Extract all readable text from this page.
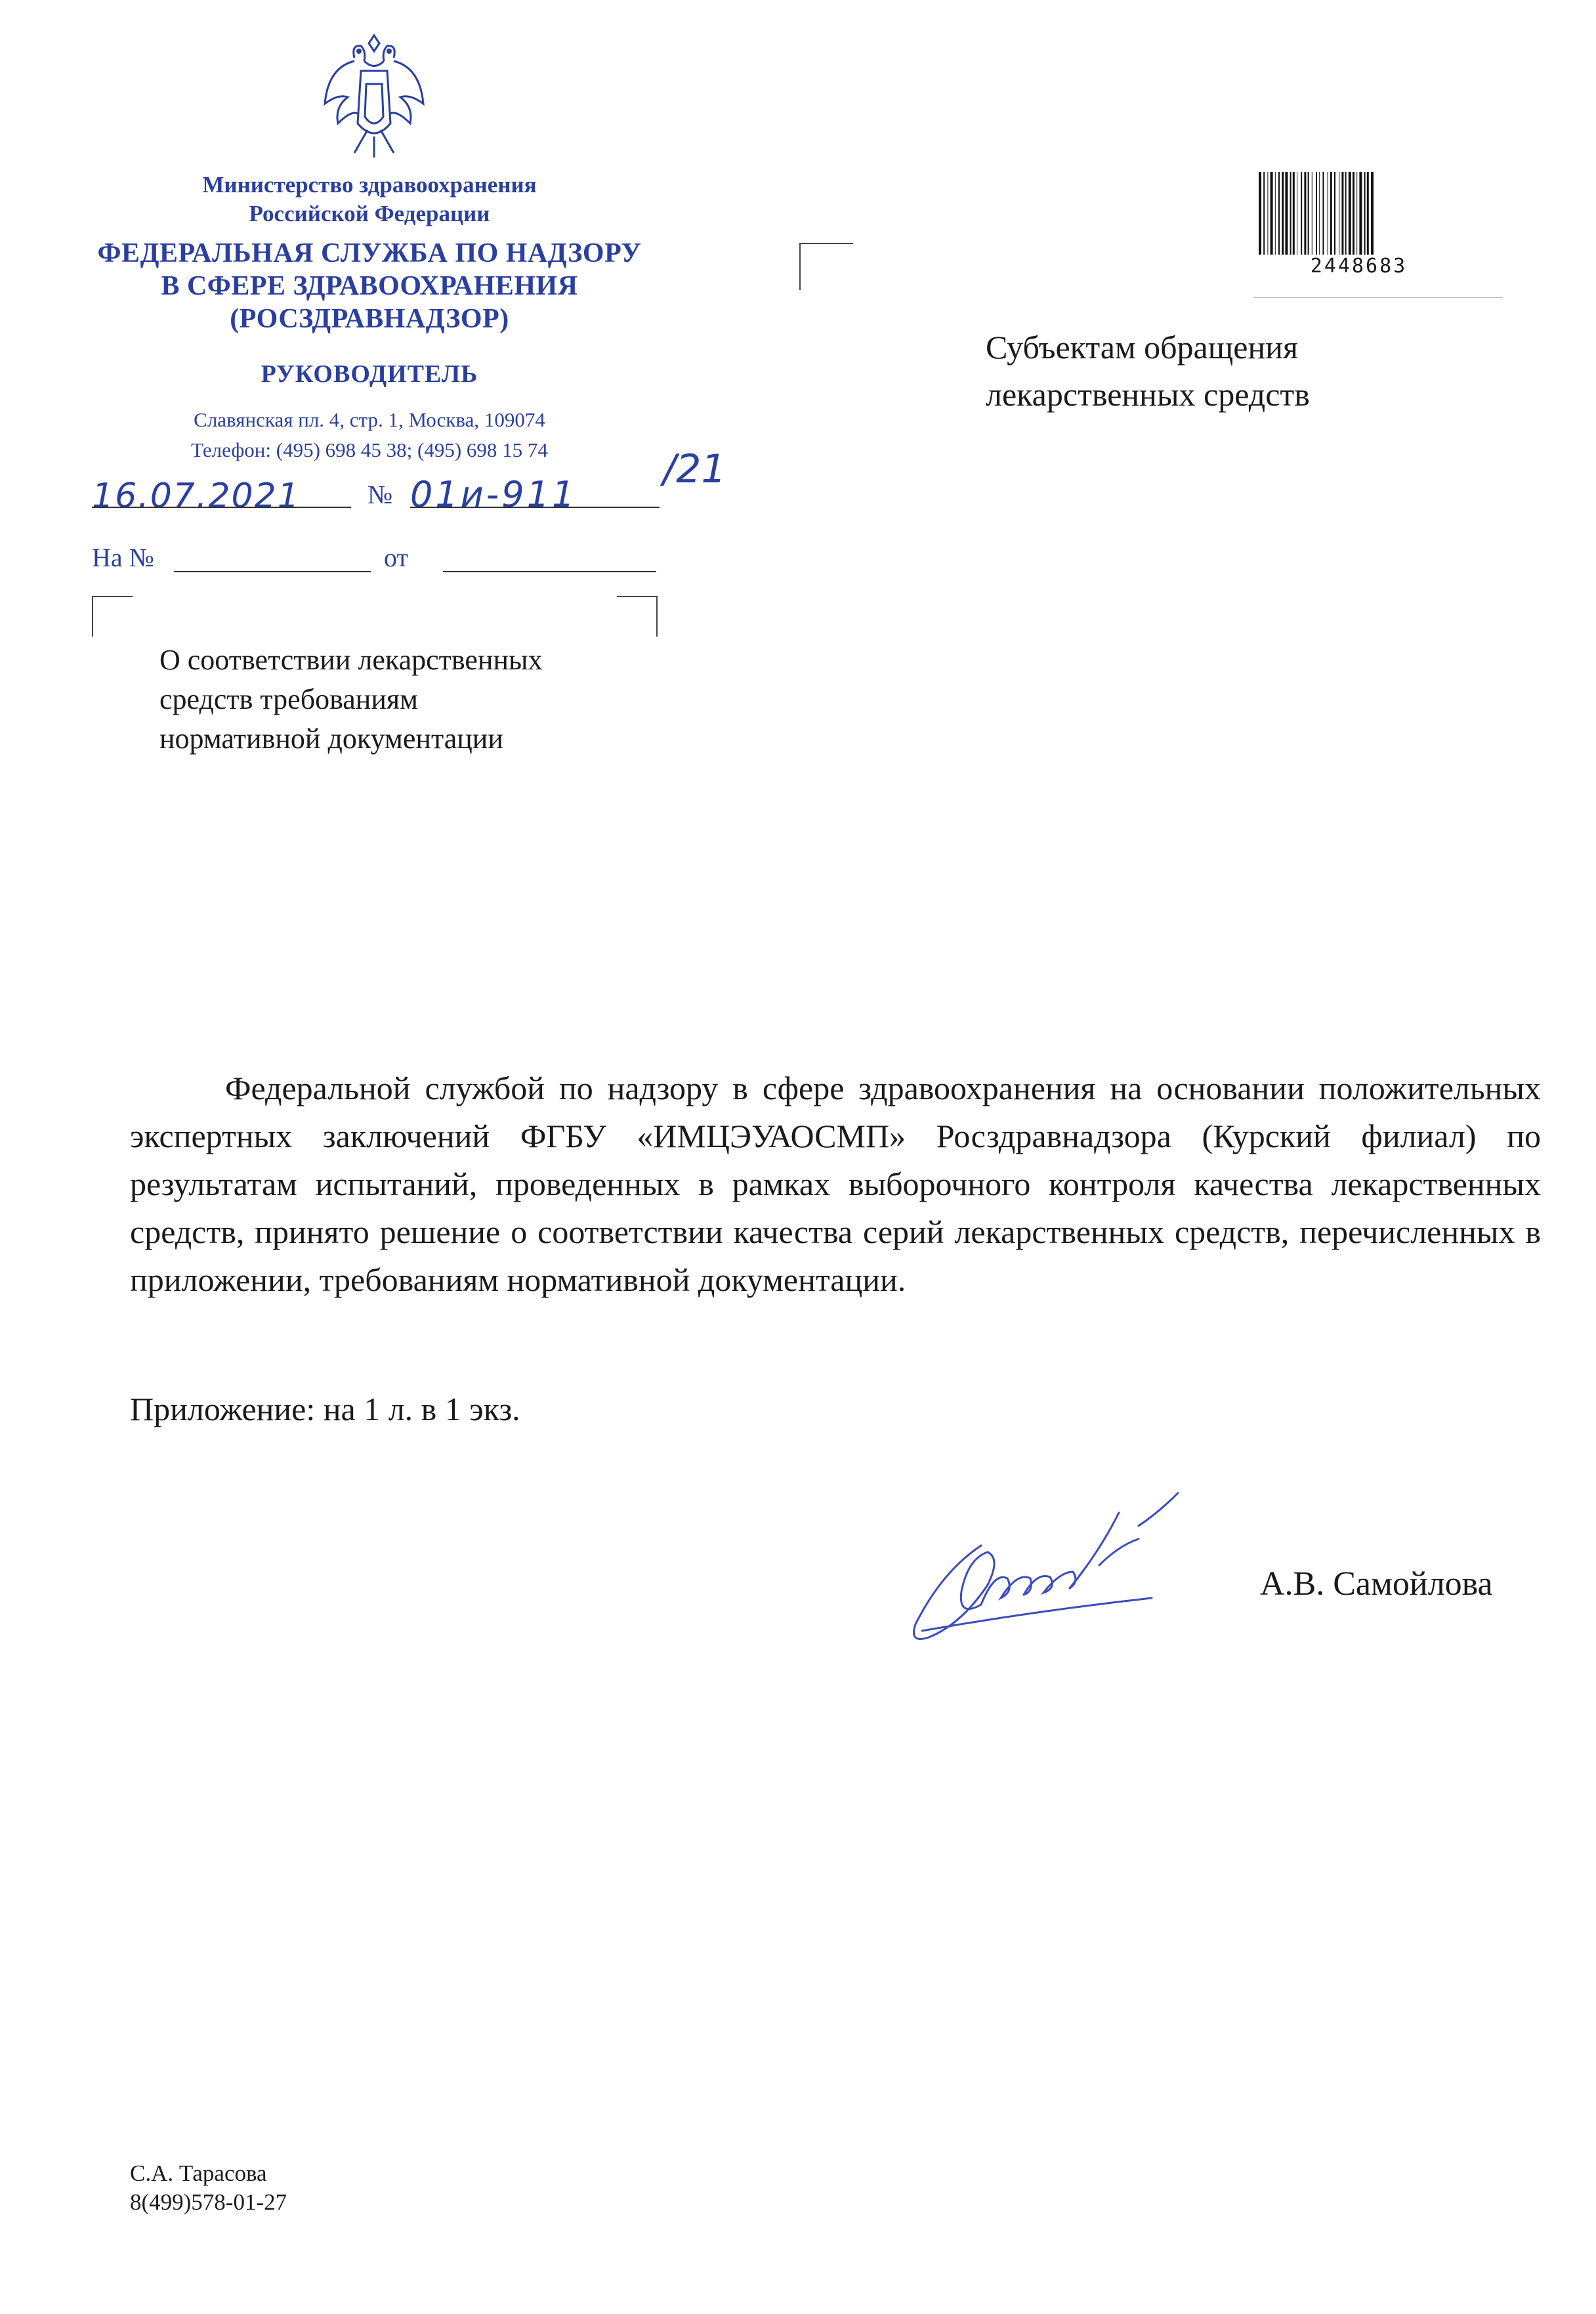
Министерство здравоохранения
Российской Федерации
ФЕДЕРАЛЬНАЯ СЛУЖБА ПО НАДЗОРУ
В СФЕРЕ ЗДРАВООХРАНЕНИЯ
(РОСЗДРАВНАДЗОР)
РУКОВОДИТЕЛЬ
Славянская пл. 4, стр. 1, Москва, 109074
Телефон: (495) 698 45 38; (495) 698 15 74
16.07.2021	№ 01и-911
/21
На №	от
О соответствии лекарственных
средств требованиям
нормативной документации
2448683
Субъектам обращения
лекарственных средств
Федеральной службой по надзору в сфере здравоохранения на основании положительных экспертных заключений ФГБУ «ИМЦЭУАОСМП» Росздравнадзора (Курский филиал) по результатам испытаний, проведенных в рамках выборочного контроля качества лекарственных средств, принято решение о соответствии качества серий лекарственных средств, перечисленных в приложении, требованиям нормативной документации.
Приложение: на 1 л. в 1 экз.
А.В. Самойлова
С.А. Тарасова
8(499)578-01-27
